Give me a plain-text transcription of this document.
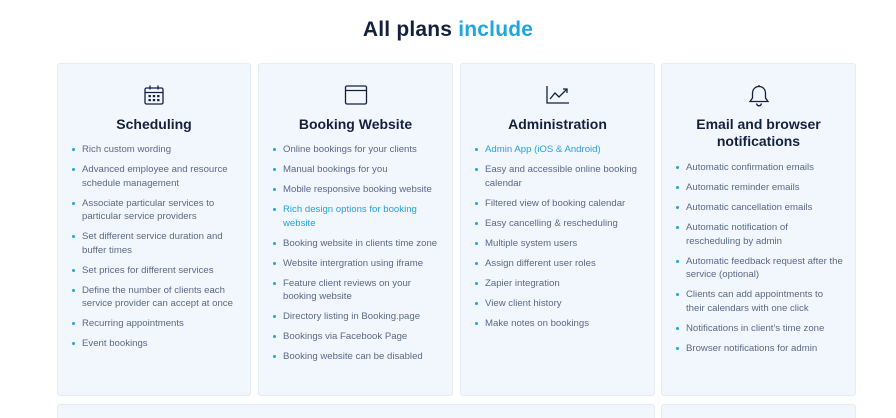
All plans include
Scheduling
Rich custom wording
Advanced employee and resource schedule management
Associate particular services to particular service providers
Set different service duration and buffer times
Set prices for different services
Define the number of clients each service provider can accept at once
Recurring appointments
Event bookings
Booking Website
Online bookings for your clients
Manual bookings for you
Mobile responsive booking website
Rich design options for booking website
Booking website in clients time zone
Website intergration using iframe
Feature client reviews on your booking website
Directory listing in Booking.page
Bookings via Facebook Page
Booking website can be disabled
Administration
Admin App (iOS & Android)
Easy and accessible online booking calendar
Filtered view of booking calendar
Easy cancelling & rescheduling
Multiple system users
Assign different user roles
Zapier integration
View client history
Make notes on bookings
Email and browser notifications
Automatic confirmation emails
Automatic reminder emails
Automatic cancellation emails
Automatic notification of rescheduling by admin
Automatic feedback request after the service (optional)
Clients can add appointments to their calendars with one click
Notifications in client's time zone
Browser notifications for admin
